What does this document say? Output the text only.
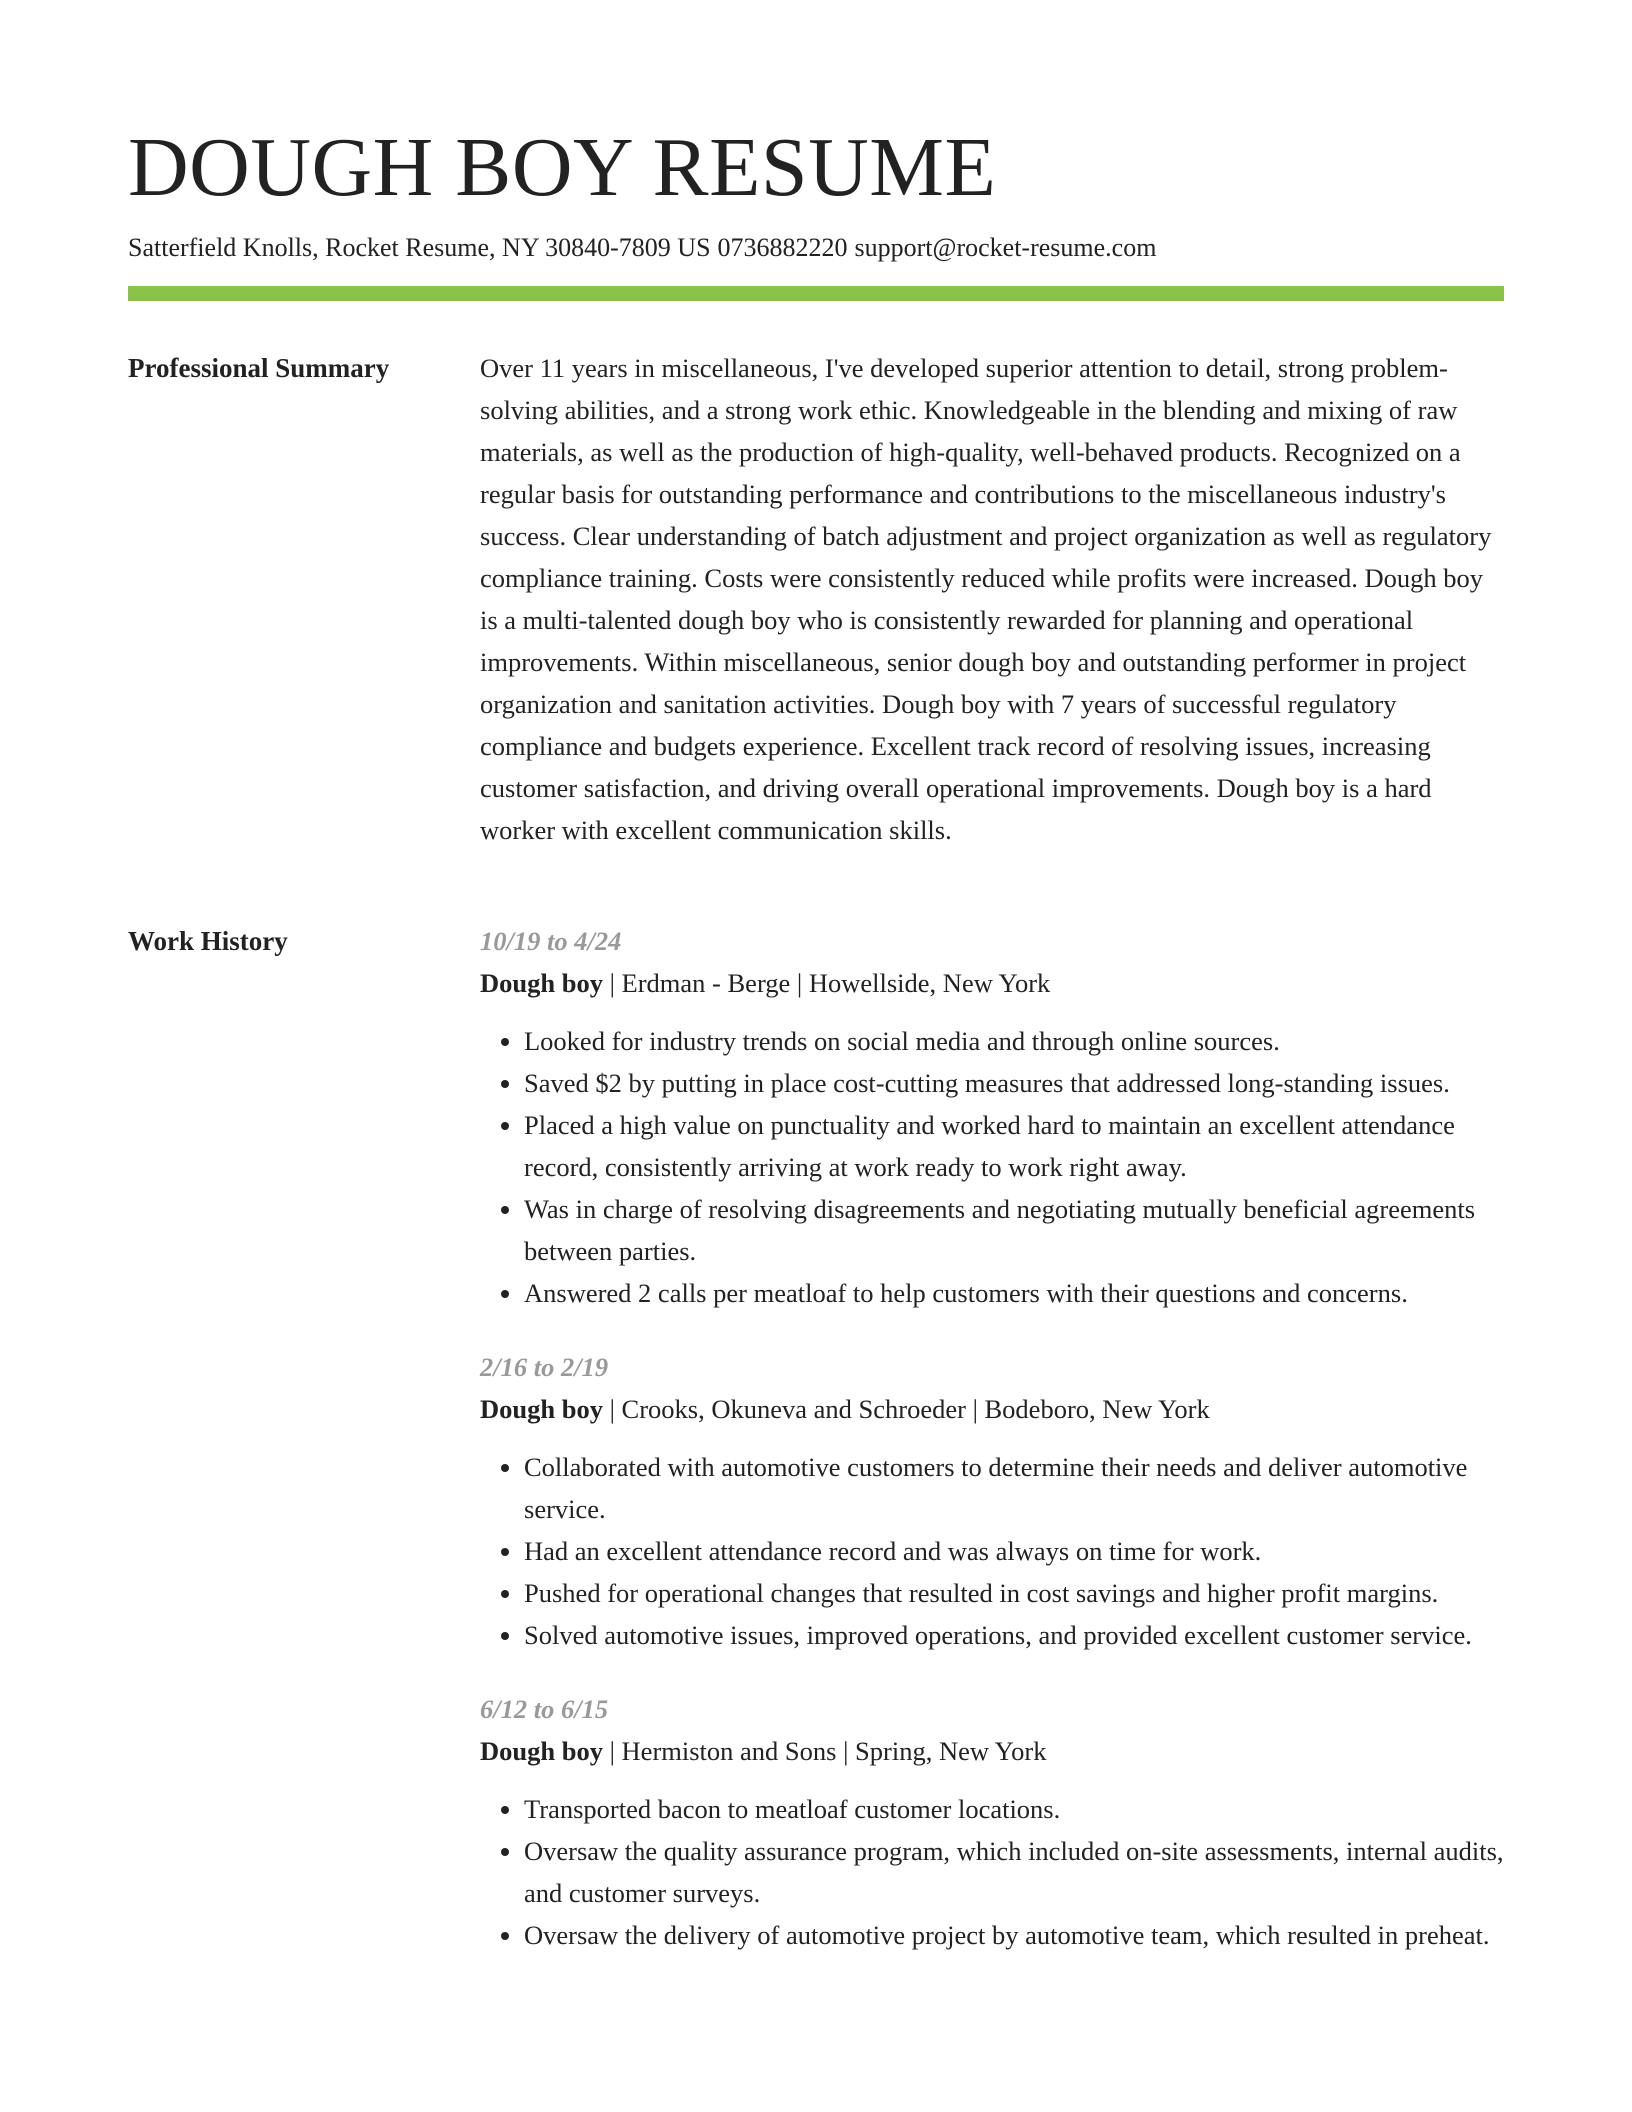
DOUGH BOY RESUME
Satterfield Knolls, Rocket Resume, NY 30840-7809 US 0736882220 support@rocket-resume.com
Professional Summary	Over 11 years in miscellaneous, I've developed superior attention to detail, strong problem-solving abilities, and a strong work ethic. Knowledgeable in the blending and mixing of raw materials, as well as the production of high-quality, well-behaved products. Recognized on a regular basis for outstanding performance and contributions to the miscellaneous industry's success. Clear understanding of batch adjustment and project organization as well as regulatory compliance training. Costs were consistently reduced while profits were increased. Dough boy is a multi-talented dough boy who is consistently rewarded for planning and operational improvements. Within miscellaneous, senior dough boy and outstanding performer in project organization and sanitation activities. Dough boy with 7 years of successful regulatory compliance and budgets experience. Excellent track record of resolving issues, increasing customer satisfaction, and driving overall operational improvements. Dough boy is a hard worker with excellent communication skills.

Work History	10/19 to 4/24
Dough boy | Erdman - Berge | Howellside, New York
• Looked for industry trends on social media and through online sources.
• Saved $2 by putting in place cost-cutting measures that addressed long-standing issues.
• Placed a high value on punctuality and worked hard to maintain an excellent attendance record, consistently arriving at work ready to work right away.
• Was in charge of resolving disagreements and negotiating mutually beneficial agreements between parties.
• Answered 2 calls per meatloaf to help customers with their questions and concerns.
2/16 to 2/19
Dough boy | Crooks, Okuneva and Schroeder | Bodeboro, New York
• Collaborated with automotive customers to determine their needs and deliver automotive service.
• Had an excellent attendance record and was always on time for work.
• Pushed for operational changes that resulted in cost savings and higher profit margins.
• Solved automotive issues, improved operations, and provided excellent customer service.
6/12 to 6/15
Dough boy | Hermiston and Sons | Spring, New York
• Transported bacon to meatloaf customer locations.
• Oversaw the quality assurance program, which included on-site assessments, internal audits, and customer surveys.
• Oversaw the delivery of automotive project by automotive team, which resulted in preheat.
